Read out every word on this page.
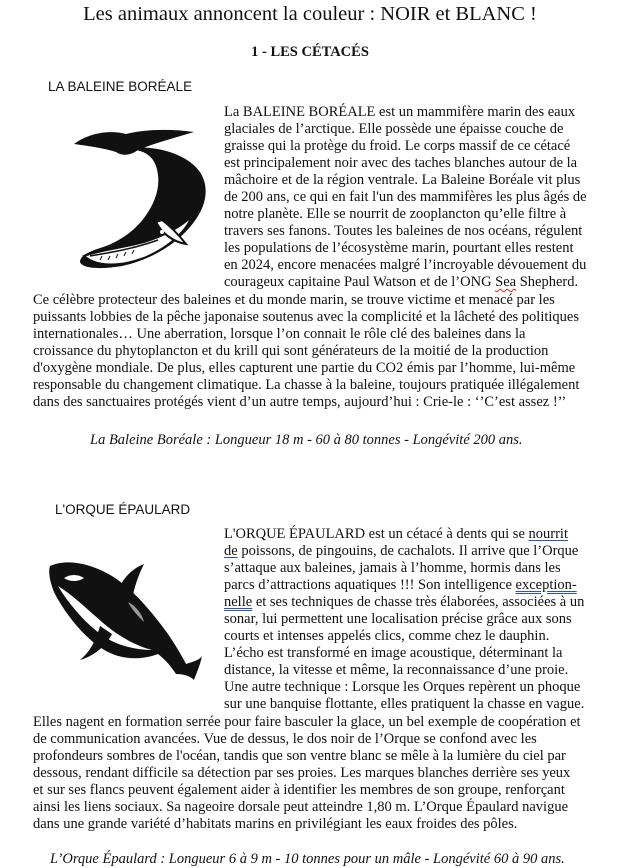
Les animaux annoncent la couleur : NOIR et BLANC !
1 - LES CÉTACÉS
LA BALEINE BORÉALE
La BALEINE BORÉALE est un mammifère marin des eaux
glaciales de l’arctique. Elle possède une épaisse couche de
graisse qui la protège du froid. Le corps massif de ce cétacé
est principalement noir avec des taches blanches autour de la
mâchoire et de la région ventrale. La Baleine Boréale vit plus
de 200 ans, ce qui en fait l'un des mammifères les plus âgés de
notre planète. Elle se nourrit de zooplancton qu’elle filtre à
travers ses fanons. Toutes les baleines de nos océans, régulent
les populations de l’écosystème marin, pourtant elles restent
en 2024, encore menacées malgré l’incroyable dévouement du
courageux capitaine Paul Watson et de l’ONG Sea Shepherd.
Ce célèbre protecteur des baleines et du monde marin, se trouve victime et menacé par les
puissants lobbies de la pêche japonaise soutenus avec la complicité et la lâcheté des politiques
internationales… Une aberration, lorsque l’on connait le rôle clé des baleines dans la
croissance du phytoplancton et du krill qui sont générateurs de la moitié de la production
d'oxygène mondiale. De plus, elles capturent une partie du CO2 émis par l’homme, lui-même
responsable du changement climatique. La chasse à la baleine, toujours pratiquée illégalement
dans des sanctuaires protégés vient d’un autre temps, aujourd’hui : Crie-le : ‘’C’est assez !’’
La Baleine Boréale : Longueur 18 m - 60 à 80 tonnes - Longévité 200 ans.
L'ORQUE ÉPAULARD
L'ORQUE ÉPAULARD est un cétacé à dents qui se nourrit
de poissons, de pingouins, de cachalots. Il arrive que l’Orque
s’attaque aux baleines, jamais à l’homme, hormis dans les
parcs d’attractions aquatiques !!! Son intelligence exception-
nelle et ses techniques de chasse très élaborées, associées à un
sonar, lui permettent une localisation précise grâce aux sons
courts et intenses appelés clics, comme chez le dauphin.
L’écho est transformé en image acoustique, déterminant la
distance, la vitesse et même, la reconnaissance d’une proie.
Une autre technique : Lorsque les Orques repèrent un phoque
sur une banquise flottante, elles pratiquent la chasse en vague.
Elles nagent en formation serrée pour faire basculer la glace, un bel exemple de coopération et
de communication avancées. Vue de dessus, le dos noir de l’Orque se confond avec les
profondeurs sombres de l'océan, tandis que son ventre blanc se mêle à la lumière du ciel par
dessous, rendant difficile sa détection par ses proies. Les marques blanches derrière ses yeux
et sur ses flancs peuvent également aider à identifier les membres de son groupe, renforçant
ainsi les liens sociaux. Sa nageoire dorsale peut atteindre 1,80 m. L’Orque Épaulard navigue
dans une grande variété d’habitats marins en privilégiant les eaux froides des pôles.
L’Orque Épaulard : Longueur 6 à 9 m - 10 tonnes pour un mâle - Longévité 60 à 90 ans.
